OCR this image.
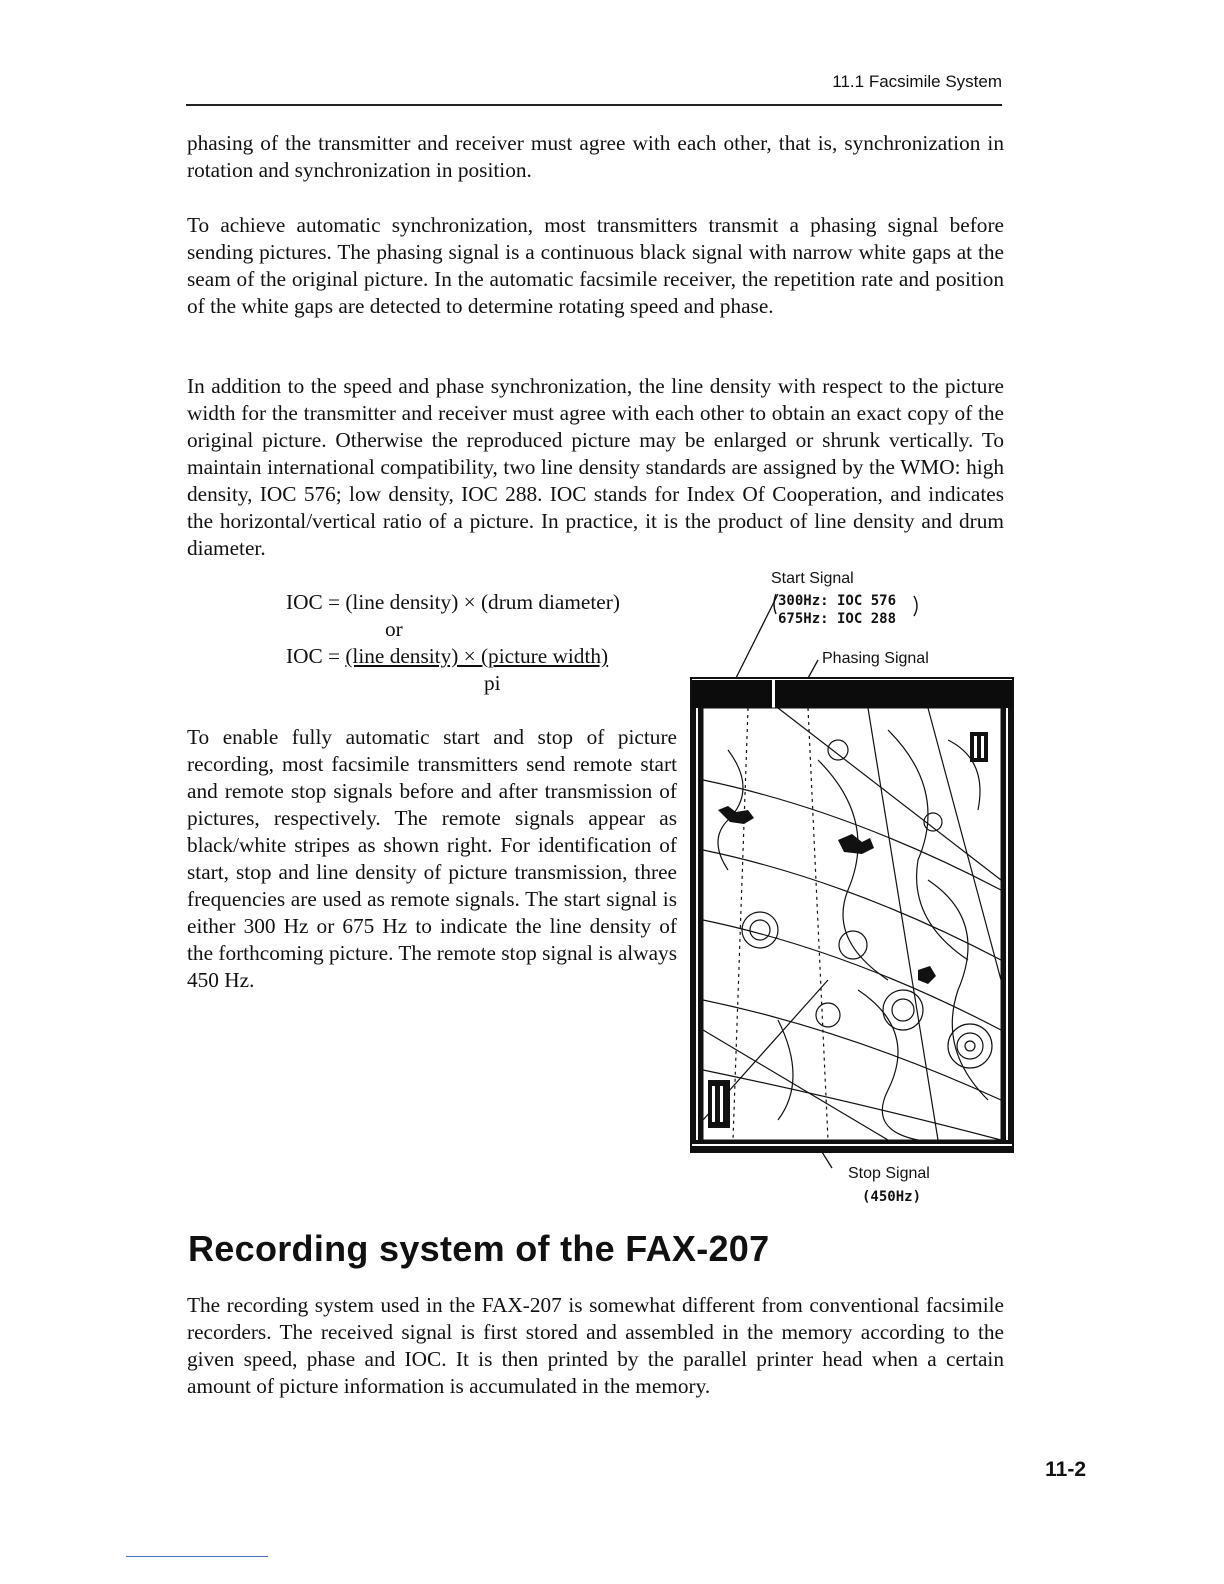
11.1 Facsimile System

phasing of the transmitter and receiver must agree with each other, that is, synchronization in rotation and synchronization in position.

To achieve automatic synchronization, most transmitters transmit a phasing signal before sending pictures. The phasing signal is a continuous black signal with narrow white gaps at the seam of the original picture. In the automatic facsimile receiver, the repetition rate and position of the white gaps are detected to determine rotating speed and phase.

In addition to the speed and phase synchronization, the line density with respect to the picture width for the transmitter and receiver must agree with each other to obtain an exact copy of the original picture. Otherwise the reproduced picture may be enlarged or shrunk vertically. To maintain international compatibility, two line density standards are assigned by the WMO: high density, IOC 576; low density, IOC 288. IOC stands for Index Of Cooperation, and indicates the horizontal/vertical ratio of a picture. In practice, it is the product of line density and drum diameter.

IOC = (line density) × (drum diameter)
or
IOC = (line density) × (picture width)
pi

To enable fully automatic start and stop of picture recording, most facsimile transmitters send remote start and remote stop signals before and after transmission of pictures, respectively. The remote signals appear as black/white stripes as shown right. For identification of start, stop and line density of picture transmission, three frequencies are used as remote signals. The start signal is either 300 Hz or 675 Hz to indicate the line density of the forthcoming picture. The remote stop signal is always 450 Hz.

Start Signal
300Hz: IOC 576
675Hz: IOC 288
Phasing Signal
Stop Signal
(450Hz)
Recording system of the FAX-207

The recording system used in the FAX-207 is somewhat different from conventional facsimile recorders. The received signal is first stored and assembled in the memory according to the given speed, phase and IOC. It is then printed by the parallel printer head when a certain amount of picture information is accumulated in the memory.

11-2
